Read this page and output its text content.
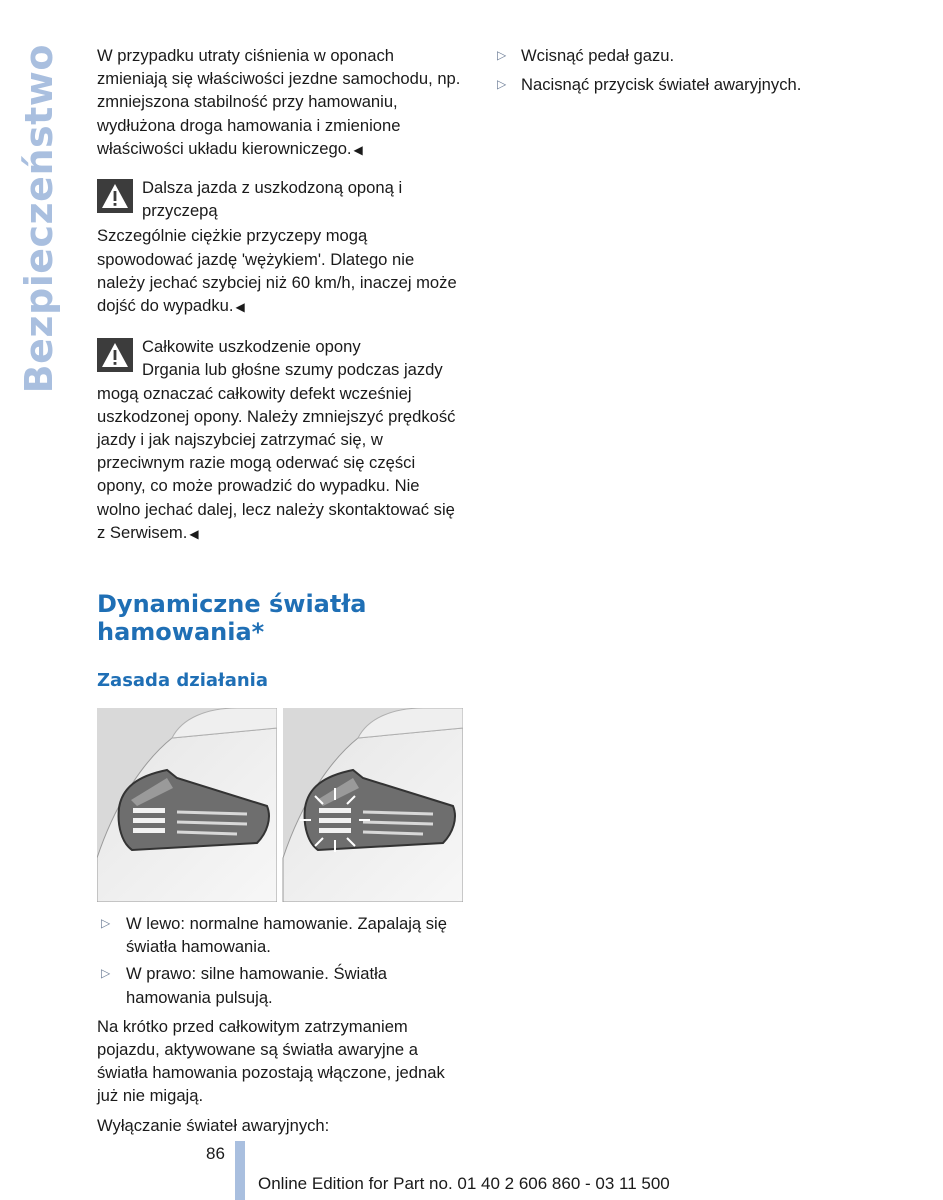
Bezpieczeństwo W przypadku utraty ciśnienia w oponach zmieniają się właściwości jezdne samochodu, np. zmniejszona stabilność przy hamowaniu, wydłużona droga hamowania i zmienione właściwości układu kierowniczego. ◀

Dalsza jazda z uszkodzoną oponą i przyczepą

Szczególnie ciężkie przyczepy mogą spowodować jazdę 'wężykiem'. Dlatego nie należy jechać szybciej niż 60 km/h, inaczej może dojść do wypadku. ◀

Całkowite uszkodzenie opony

Drgania lub głośne szumy podczas jazdy mogą oznaczać całkowity defekt wcześniej uszkodzonej opony. Należy zmniejszyć prędkość jazdy i jak najszybciej zatrzymać się, w przeciwnym razie mogą oderwać się części opony, co może prowadzić do wypadku. Nie wolno jechać dalej, lecz należy skontaktować się z Serwisem. ◀

Dynamiczne światła hamowania*
Zasada działania
▷ W lewo: normalne hamowanie. Zapalają się światła hamowania.
▷ W prawo: silne hamowanie. Światła hamowania pulsują.

Na krótko przed całkowitym zatrzymaniem pojazdu, aktywowane są światła awaryjne a światła hamowania pozostają włączone, jednak już nie migają.

Wyłączanie świateł awaryjnych:

▷ Wcisnąć pedał gazu.
▷ Nacisnąć przycisk świateł awaryjnych.
86
Online Edition for Part no. 01 40 2 606 860 - 03 11 500
